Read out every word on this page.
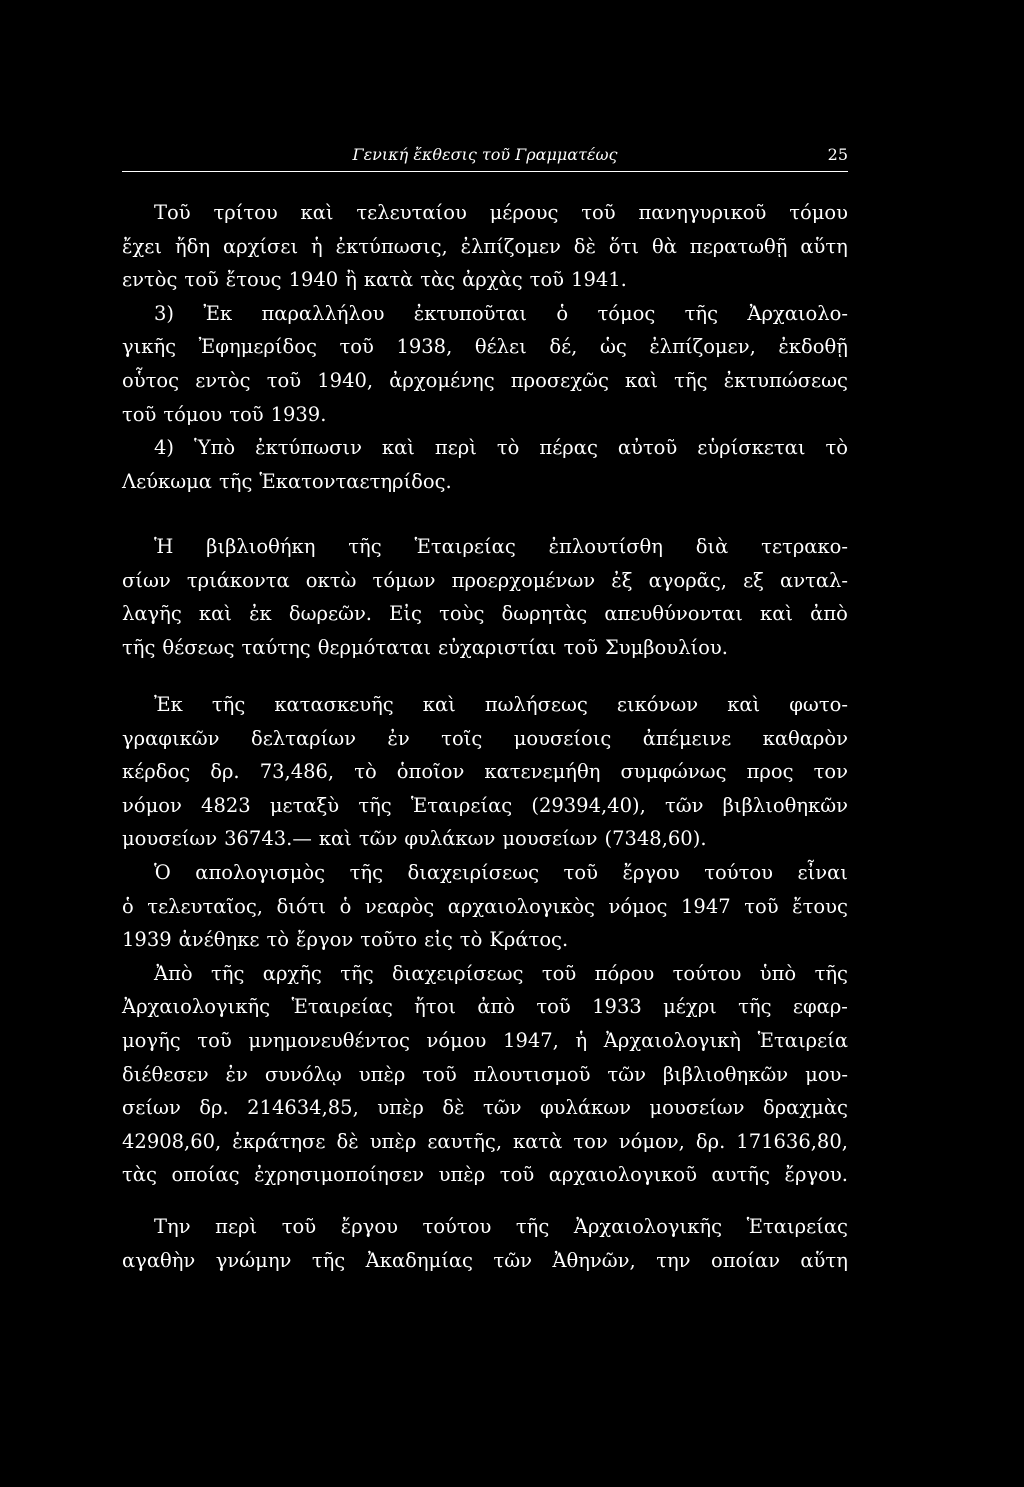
Γενική ἔκθεσις τοῦ Γραμματέως	25
Τοῦ τρίτου καὶ τελευταίου μέρους τοῦ πανηγυρικοῦ τόμου
ἔχει ἤδη αρχίσει ἡ ἐκτύπωσις, ἐλπίζομεν δὲ ὅτι θὰ περατωθῇ αὕτη
εντὸς τοῦ ἔτους 1940 ἢ κατὰ τὰς ἀρχὰς τοῦ 1941.
3) Ἐκ παραλλήλου ἐκτυποῦται ὁ τόμος τῆς Ἀρχαιολο-
γικῆς Ἐφημερίδος τοῦ 1938, θέλει δέ, ὡς ἐλπίζομεν, ἐκδοθῇ
οὗτος εντὸς τοῦ 1940, ἀρχομένης προσεχῶς καὶ τῆς ἐκτυπώσεως
τοῦ τόμου τοῦ 1939.
4) Ὑπὸ ἐκτύπωσιν καὶ περὶ τὸ πέρας αὐτοῦ εὑρίσκεται τὸ
Λεύκωμα τῆς Ἑκατονταετηρίδος.
Ἡ βιβλιοθήκη τῆς Ἑταιρείας ἐπλουτίσθη διὰ τετρακο-
σίων τριάκοντα οκτὼ τόμων προερχομένων ἐξ αγορᾶς, εξ ανταλ-
λαγῆς καὶ ἐκ δωρεῶν. Εἰς τοὺς δωρητὰς απευθύνονται καὶ ἀπὸ
τῆς θέσεως ταύτης θερμόταται εὐχαριστίαι τοῦ Συμβουλίου.
Ἐκ τῆς κατασκευῆς καὶ πωλήσεως εικόνων καὶ φωτο-
γραφικῶν δελταρίων ἐν τοῖς μουσείοις ἀπέμεινε καθαρὸν
κέρδος δρ. 73,486, τὸ ὁποῖον κατενεμήθη συμφώνως προς τον
νόμον 4823 μεταξὺ τῆς Ἑταιρείας (29394,40), τῶν βιβλιοθηκῶν
μουσείων 36743.— καὶ τῶν φυλάκων μουσείων (7348,60).
Ὁ απολογισμὸς τῆς διαχειρίσεως τοῦ ἔργου τούτου εἶναι
ὁ τελευταῖος, διότι ὁ νεαρὸς αρχαιολογικὸς νόμος 1947 τοῦ ἔτους
1939 ἀνέθηκε τὸ ἔργον τοῦτο εἰς τὸ Κράτος.
Ἀπὸ τῆς αρχῆς τῆς διαχειρίσεως τοῦ πόρου τούτου ὑπὸ τῆς
Ἀρχαιολογικῆς Ἑταιρείας ἤτοι ἀπὸ τοῦ 1933 μέχρι τῆς εφαρ-
μογῆς τοῦ μνημονευθέντος νόμου 1947, ἡ Ἀρχαιολογικὴ Ἑταιρεία
διέθεσεν ἐν συνόλῳ υπὲρ τοῦ πλουτισμοῦ τῶν βιβλιοθηκῶν μου-
σείων δρ. 214634,85, υπὲρ δὲ τῶν φυλάκων μουσείων δραχμὰς
42908,60, ἐκράτησε δὲ υπὲρ εαυτῆς, κατὰ τον νόμον, δρ. 171636,80,
τὰς οποίας ἐχρησιμοποίησεν υπὲρ τοῦ αρχαιολογικοῦ αυτῆς ἔργου.
Την περὶ τοῦ ἔργου τούτου τῆς Ἀρχαιολογικῆς Ἑταιρείας
αγαθὴν γνώμην τῆς Ἀκαδημίας τῶν Ἀθηνῶν, την οποίαν αὕτη
